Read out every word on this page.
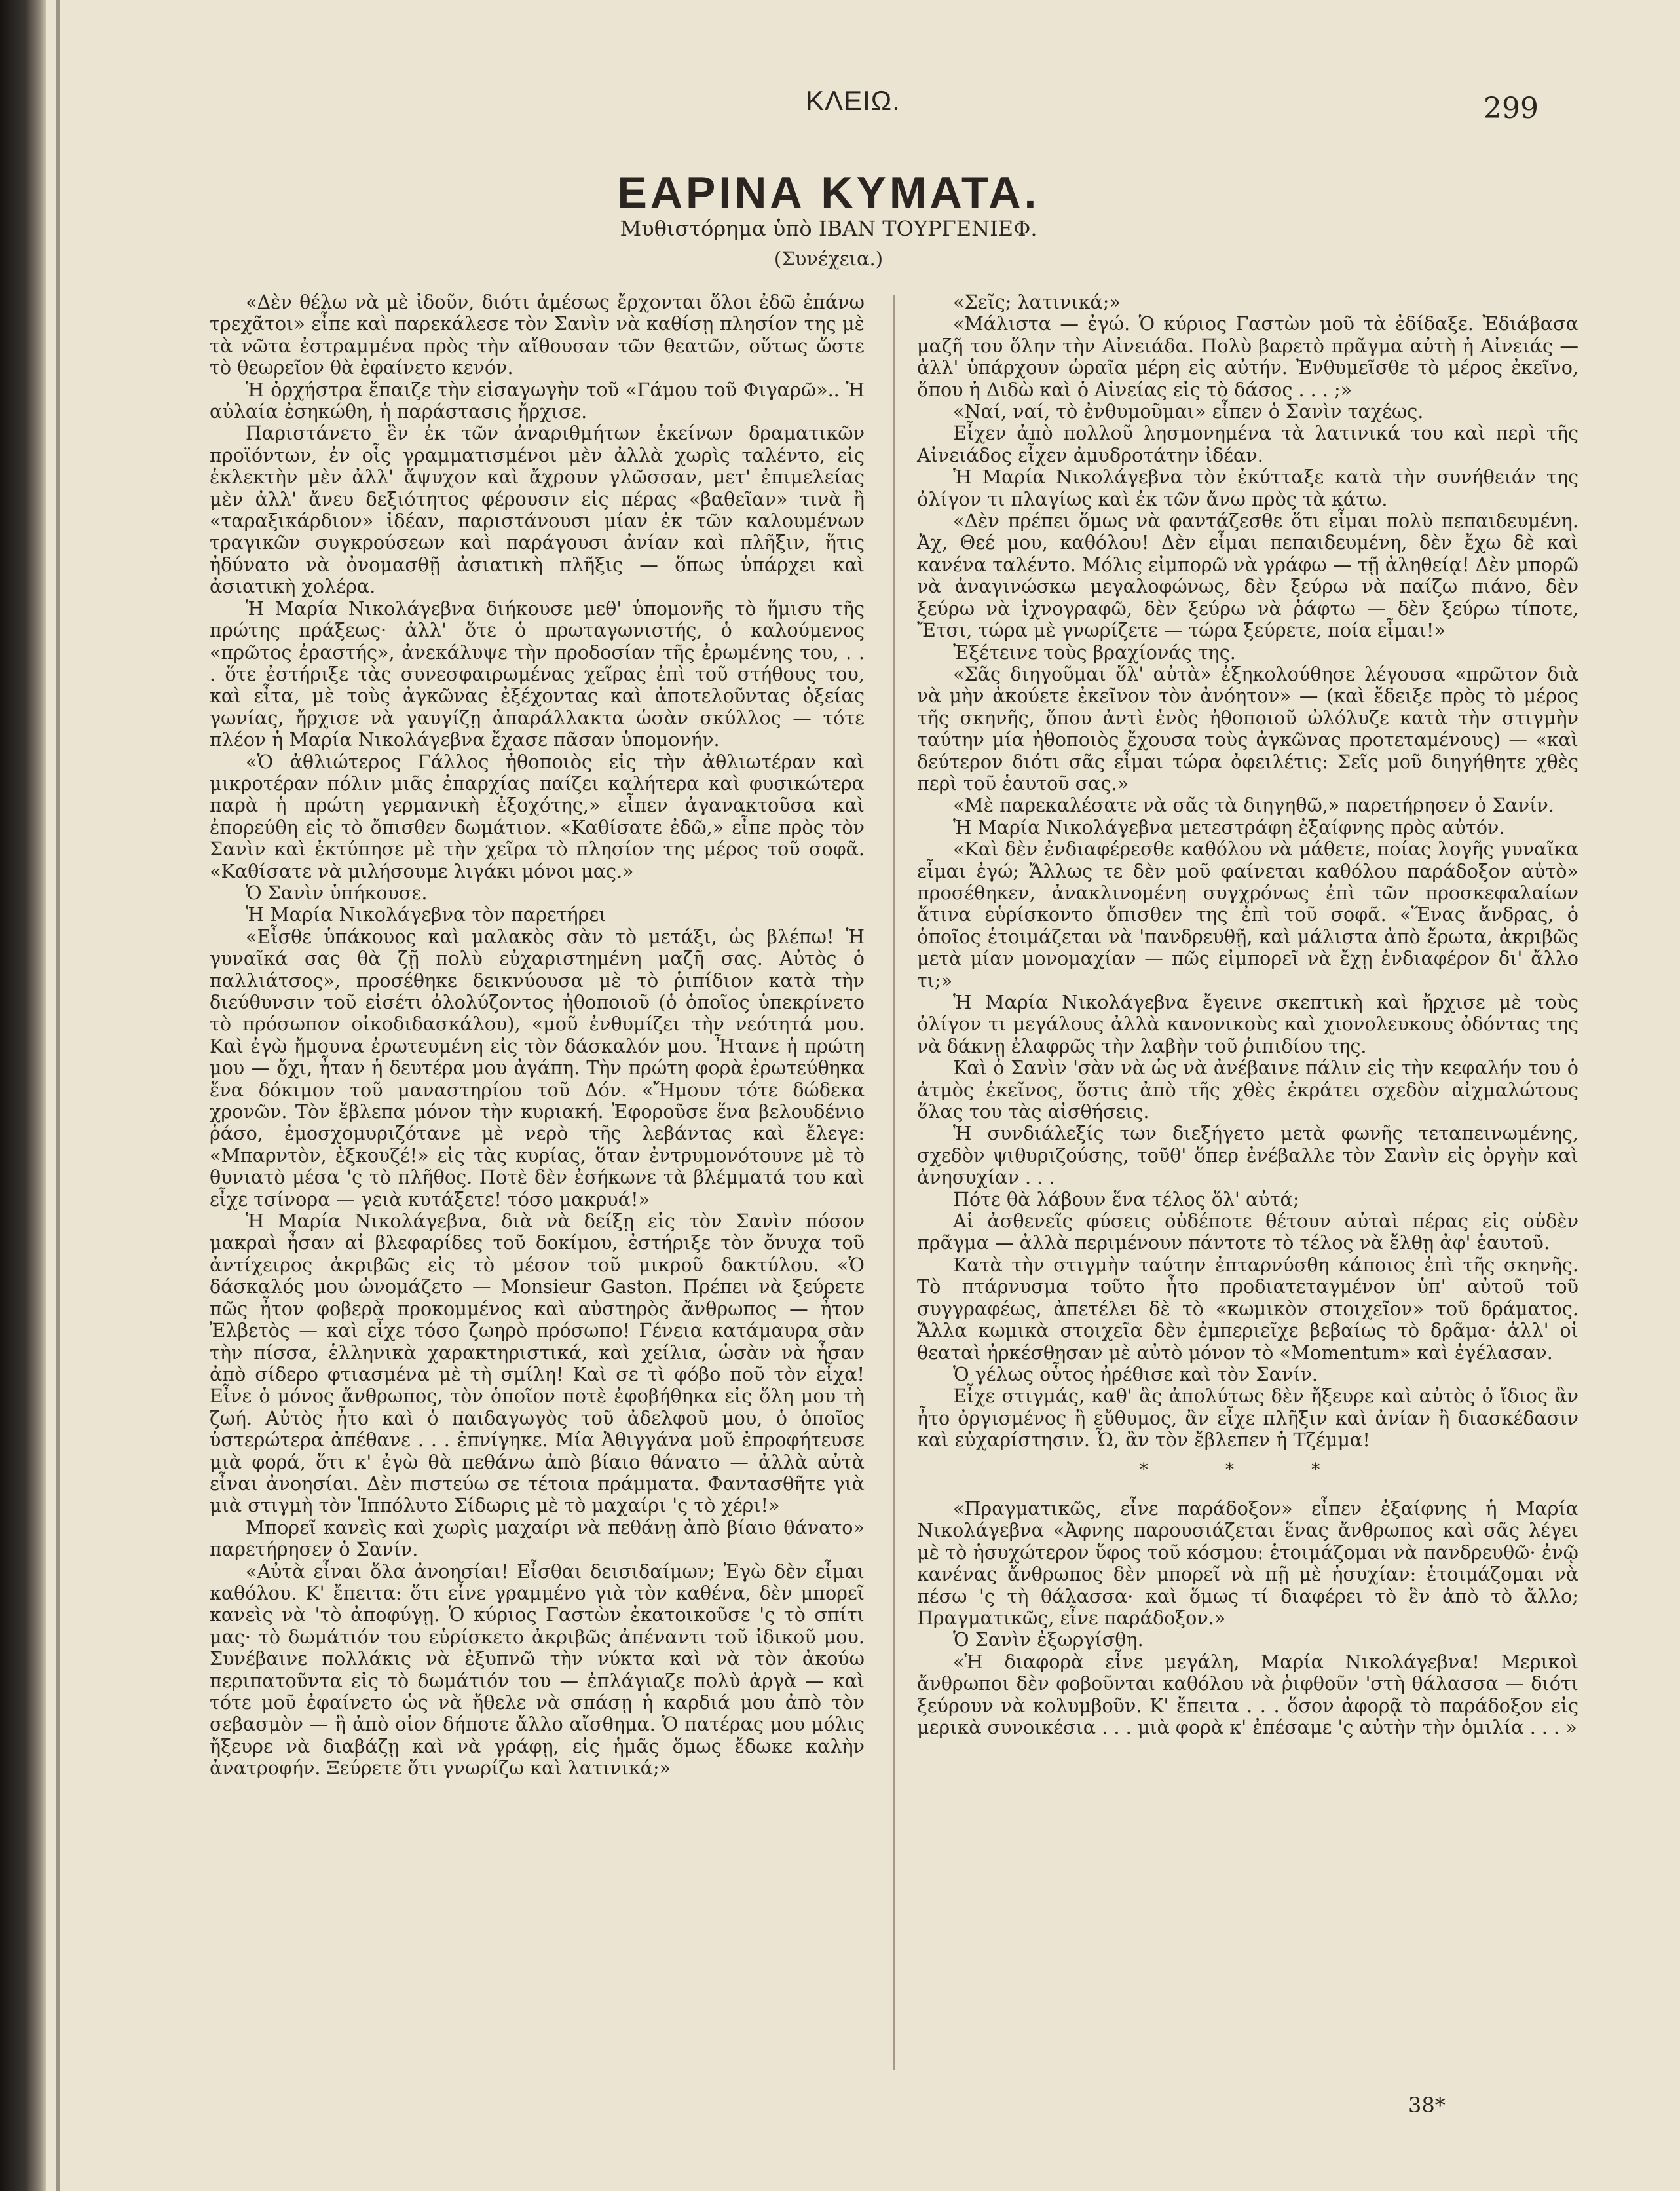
ΚΛΕΙΩ.	299
ΕΑΡΙΝΑ ΚΥΜΑΤΑ.
Μυθιστόρημα ὑπὸ ΙΒΑΝ ΤΟΥΡΓΕΝΙΕΦ.
(Συνέχεια.)

«Δὲν θέλω νὰ μὲ ἰδοῦν, διότι ἀμέσως ἔρχονται ὅλοι ἐδῶ ἐπάνω τρεχᾶτοι» εἶπε καὶ παρεκάλεσε τὸν Σανὶν νὰ καθίσῃ πλησίον της μὲ τὰ νῶτα ἐστραμμένα πρὸς τὴν αἴθουσαν τῶν θεατῶν, οὕτως ὥστε τὸ θεωρεῖον θὰ ἐφαίνετο κενόν.

Ἡ ὀρχήστρα ἔπαιζε τὴν εἰσαγωγὴν τοῦ «Γάμου τοῦ Φιγαρῶ».. Ἡ αὐλαία ἐσηκώθη, ἡ παράστασις ἤρχισε.

Παριστάνετο ἓν ἐκ τῶν ἀναριθμήτων ἐκείνων δραματικῶν προϊόντων, ἐν οἷς γραμματισμένοι μὲν ἀλλὰ χωρὶς ταλέντο, εἰς ἐκλεκτὴν μὲν ἀλλ' ἄψυχον καὶ ἄχρουν γλῶσσαν, μετ' ἐπιμελείας μὲν ἀλλ' ἄνευ δεξιότητος φέρουσιν εἰς πέρας «βαθεῖαν» τινὰ ἢ «ταραξικάρδιον» ἰδέαν, παριστάνουσι μίαν ἐκ τῶν καλουμένων τραγικῶν συγκρούσεων καὶ παράγουσι ἀνίαν καὶ πλῆξιν, ἥτις ἠδύνατο νὰ ὀνομασθῇ ἀσιατικὴ πλῆξις — ὅπως ὑπάρχει καὶ ἀσιατικὴ χολέρα.

Ἡ Μαρία Νικολάγεβνα διήκουσε μεθ' ὑπομονῆς τὸ ἥμισυ τῆς πρώτης πράξεως· ἀλλ' ὅτε ὁ πρωταγωνιστής, ὁ καλούμενος «πρῶτος ἐραστής», ἀνεκάλυψε τὴν προδοσίαν τῆς ἐρωμένης του, . . . ὅτε ἐστήριξε τὰς συνεσφαιρωμένας χεῖρας ἐπὶ τοῦ στήθους του, καὶ εἶτα, μὲ τοὺς ἀγκῶνας ἐξέχοντας καὶ ἀποτελοῦντας ὀξείας γωνίας, ἤρχισε νὰ γαυγίζῃ ἀπαράλλακτα ὡσὰν σκύλλος — τότε πλέον ἡ Μαρία Νικολάγεβνα ἔχασε πᾶσαν ὑπομονήν.

«Ὁ ἀθλιώτερος Γάλλος ἠθοποιὸς εἰς τὴν ἀθλιωτέραν καὶ μικροτέραν πόλιν μιᾶς ἐπαρχίας παίζει καλήτερα καὶ φυσικώτερα παρὰ ἡ πρώτη γερμανικὴ ἐξοχότης,» εἶπεν ἀγανακτοῦσα καὶ ἐπορεύθη εἰς τὸ ὄπισθεν δωμάτιον. «Καθίσατε ἐδῶ,» εἶπε πρὸς τὸν Σανὶν καὶ ἐκτύπησε μὲ τὴν χεῖρα τὸ πλησίον της μέρος τοῦ σοφᾶ. «Καθίσατε νὰ μιλήσουμε λιγάκι μόνοι μας.»

Ὁ Σανὶν ὑπήκουσε.

Ἡ Μαρία Νικολάγεβνα τὸν παρετήρει

«Εἶσθε ὑπάκουος καὶ μαλακὸς σὰν τὸ μετάξι, ὡς βλέπω! Ἡ γυναῖκά σας θὰ ζῇ πολὺ εὐχαριστημένη μαζῆ σας. Αὐτὸς ὁ παλλιάτσος», προσέθηκε δεικνύουσα μὲ τὸ ῥιπίδιον κατὰ τὴν διεύθυνσιν τοῦ εἰσέτι ὀλολύζοντος ἠθοποιοῦ (ὁ ὁποῖος ὑπεκρίνετο τὸ πρόσωπον οἰκοδιδασκάλου), «μοῦ ἐνθυμίζει τὴν νεότητά μου. Καὶ ἐγὼ ἤμουνα ἐρωτευμένη εἰς τὸν δάσκαλόν μου. Ἦτανε ἡ πρώτη μου — ὄχι, ἦταν ἡ δευτέρα μου ἀγάπη. Τὴν πρώτη φορὰ ἐρωτεύθηκα ἕνα δόκιμον τοῦ μαναστηρίου τοῦ Δόν. «Ἤμουν τότε δώδεκα χρονῶν. Τὸν ἔβλεπα μόνον τὴν κυριακή. Ἐφοροῦσε ἕνα βελουδένιο ῥάσο, ἐμοσχομυριζότανε μὲ νερὸ τῆς λεβάντας καὶ ἔλεγε: «Μπαρντὸν, ἐξκουζέ!» εἰς τὰς κυρίας, ὅταν ἐντρυμονότουνε μὲ τὸ θυνιατὸ μέσα 'ς τὸ πλῆθος. Ποτὲ δὲν ἐσήκωνε τὰ βλέμματά του καὶ εἶχε τσίνορα — γειὰ κυτάξετε! τόσο μακρυά!»

Ἡ Μαρία Νικολάγεβνα, διὰ νὰ δείξῃ εἰς τὸν Σανὶν πόσον μακραὶ ἦσαν αἱ βλεφαρίδες τοῦ δοκίμου, ἐστήριξε τὸν ὄνυχα τοῦ ἀντίχειρος ἀκριβῶς εἰς τὸ μέσον τοῦ μικροῦ δακτύλου. «Ὁ δάσκαλός μου ὠνομάζετο — Monsieur Gaston. Πρέπει νὰ ξεύρετε πῶς ἦτον φοβερὰ προκομμένος καὶ αὐστηρὸς ἄνθρωπος — ἦτον Ἐλβετὸς — καὶ εἶχε τόσο ζωηρὸ πρόσωπο! Γένεια κατάμαυρα σὰν τὴν πίσσα, ἑλληνικὰ χαρακτηριστικά, καὶ χείλια, ὡσὰν νὰ ἦσαν ἀπὸ σίδερο φτιασμένα μὲ τὴ σμίλη! Καὶ σε τὶ φόβο ποῦ τὸν εἶχα! Εἶνε ὁ μόνος ἄνθρωπος, τὸν ὁποῖον ποτὲ ἐφοβήθηκα εἰς ὅλη μου τὴ ζωή. Αὐτὸς ἦτο καὶ ὁ παιδαγωγὸς τοῦ ἀδελφοῦ μου, ὁ ὁποῖος ὑστερώτερα ἀπέθανε . . . ἐπνίγηκε. Μία Ἀθιγγάνα μοῦ ἐπροφήτευσε μιὰ φορά, ὅτι κ' ἐγὼ θὰ πεθάνω ἀπὸ βίαιο θάνατο — ἀλλὰ αὐτὰ εἶναι ἀνοησίαι. Δὲν πιστεύω σε τέτοια πράμματα. Φαντασθῆτε γιὰ μιὰ στιγμὴ τὸν Ἱππόλυτο Σίδωρις μὲ τὸ μαχαίρι 'ς τὸ χέρι!»

Μπορεῖ κανεὶς καὶ χωρὶς μαχαίρι νὰ πεθάνῃ ἀπὸ βίαιο θάνατο» παρετήρησεν ὁ Σανίν.

«Αὐτὰ εἶναι ὅλα ἀνοησίαι! Εἶσθαι δεισιδαίμων; Ἐγὼ δὲν εἶμαι καθόλου. Κ' ἔπειτα: ὅτι εἶνε γραμμένο γιὰ τὸν καθένα, δὲν μπορεῖ κανεὶς νὰ 'τὸ ἀποφύγῃ. Ὁ κύριος Γαστὼν ἐκατοικοῦσε 'ς τὸ σπίτι μας· τὸ δωμάτιόν του εὑρίσκετο ἀκριβῶς ἀπέναντι τοῦ ἰδικοῦ μου. Συνέβαινε πολλάκις νὰ ἐξυπνῶ τὴν νύκτα καὶ νὰ τὸν ἀκούω περιπατοῦντα εἰς τὸ δωμάτιόν του — ἐπλάγιαζε πολὺ ἀργὰ — καὶ τότε μοῦ ἐφαίνετο ὡς νὰ ἤθελε νὰ σπάσῃ ἡ καρδιά μου ἀπὸ τὸν σεβασμὸν — ἢ ἀπὸ οἱον δήποτε ἄλλο αἴσθημα. Ὁ πατέρας μου μόλις ἤξευρε νὰ διαβάζῃ καὶ νὰ γράφῃ, εἰς ἡμᾶς ὅμως ἔδωκε καλὴν ἀνατροφήν. Ξεύρετε ὅτι γνωρίζω καὶ λατινικά;»

«Σεῖς; λατινικά;»

«Μάλιστα — ἐγώ. Ὁ κύριος Γαστὼν μοῦ τὰ ἐδίδαξε. Ἐδιάβασα μαζῆ του ὅλην τὴν Αἰνειάδα. Πολὺ βαρετὸ πρᾶγμα αὐτὴ ἡ Αἰνειάς — ἀλλ' ὑπάρχουν ὡραῖα μέρη εἰς αὐτήν. Ἐνθυμεῖσθε τὸ μέρος ἐκεῖνο, ὅπου ἡ Διδὼ καὶ ὁ Αἰνείας εἰς τὸ δάσος . . . ;»

«Ναί, ναί, τὸ ἐνθυμοῦμαι» εἶπεν ὁ Σανὶν ταχέως.

Εἶχεν ἀπὸ πολλοῦ λησμονημένα τὰ λατινικά του καὶ περὶ τῆς Αἰνειάδος εἶχεν ἀμυδροτάτην ἰδέαν.

Ἡ Μαρία Νικολάγεβνα τὸν ἐκύτταξε κατὰ τὴν συνήθειάν της ὀλίγον τι πλαγίως καὶ ἐκ τῶν ἄνω πρὸς τὰ κάτω.

«Δὲν πρέπει ὅμως νὰ φαντάζεσθε ὅτι εἶμαι πολὺ πεπαιδευμένη. Ἀχ, Θεέ μου, καθόλου! Δὲν εἶμαι πεπαιδευμένη, δὲν ἔχω δὲ καὶ κανένα ταλέντο. Μόλις εἰμπορῶ νὰ γράφω — τῇ ἀληθείᾳ! Δὲν μπορῶ νὰ ἀναγινώσκω μεγαλοφώνως, δὲν ξεύρω νὰ παίζω πιάνο, δὲν ξεύρω νὰ ἰχνογραφῶ, δὲν ξεύρω νὰ ῥάφτω — δὲν ξεύρω τίποτε, Ἔτσι, τώρα μὲ γνωρίζετε — τώρα ξεύρετε, ποία εἶμαι!»

Ἐξέτεινε τοὺς βραχίονάς της.

«Σᾶς διηγοῦμαι ὅλ' αὐτὰ» ἐξηκολούθησε λέγουσα «πρῶτον διὰ νὰ μὴν ἀκούετε ἐκεῖνον τὸν ἀνόητον» — (καὶ ἔδειξε πρὸς τὸ μέρος τῆς σκηνῆς, ὅπου ἀντὶ ἑνὸς ἠθοποιοῦ ὠλόλυζε κατὰ τὴν στιγμὴν ταύτην μία ἠθοποιὸς ἔχουσα τοὺς ἀγκῶνας προτεταμένους) — «καὶ δεύτερον διότι σᾶς εἶμαι τώρα ὀφειλέτις: Σεῖς μοῦ διηγήθητε χθὲς περὶ τοῦ ἑαυτοῦ σας.»

«Μὲ παρεκαλέσατε νὰ σᾶς τὰ διηγηθῶ,» παρετήρησεν ὁ Σανίν.

Ἡ Μαρία Νικολάγεβνα μετεστράφη ἐξαίφνης πρὸς αὐτόν.

«Καὶ δὲν ἐνδιαφέρεσθε καθόλου νὰ μάθετε, ποίας λογῆς γυναῖκα εἶμαι ἐγώ; Ἄλλως τε δὲν μοῦ φαίνεται καθόλου παράδοξον αὐτὸ» προσέθηκεν, ἀνακλινομένη συγχρόνως ἐπὶ τῶν προσκεφαλαίων ἅτινα εὑρίσκοντο ὄπισθεν της ἐπὶ τοῦ σοφᾶ. «Ἕνας ἄνδρας, ὁ ὁποῖος ἑτοιμάζεται νὰ 'πανδρευθῇ, καὶ μάλιστα ἀπὸ ἔρωτα, ἀκριβῶς μετὰ μίαν μονομαχίαν — πῶς εἰμπορεῖ νὰ ἔχῃ ἐνδιαφέρον δι' ἄλλο τι;»

Ἡ Μαρία Νικολάγεβνα ἔγεινε σκεπτικὴ καὶ ἤρχισε μὲ τοὺς ὀλίγον τι μεγάλους ἀλλὰ κανονικοὺς καὶ χιονολευκους ὀδόντας της νὰ δάκνῃ ἐλαφρῶς τὴν λαβὴν τοῦ ῥιπιδίου της.

Καὶ ὁ Σανὶν 'σὰν νὰ ὡς νὰ ἀνέβαινε πάλιν εἰς τὴν κεφαλήν του ὁ ἀτμὸς ἐκεῖνος, ὅστις ἀπὸ τῆς χθὲς ἐκράτει σχεδὸν αἰχμαλώτους ὅλας του τὰς αἰσθήσεις.

Ἡ συνδιάλεξίς των διεξήγετο μετὰ φωνῆς τεταπεινωμένης, σχεδὸν ψιθυριζούσης, τοῦθ' ὅπερ ἐνέβαλλε τὸν Σανὶν εἰς ὀργὴν καὶ ἀνησυχίαν . . .

Πότε θὰ λάβουν ἕνα τέλος ὅλ' αὐτά;

Αἱ ἀσθενεῖς φύσεις οὐδέποτε θέτουν αὐταὶ πέρας εἰς οὐδὲν πρᾶγμα — ἀλλὰ περιμένουν πάντοτε τὸ τέλος νὰ ἔλθῃ ἀφ' ἑαυτοῦ.

Κατὰ τὴν στιγμὴν ταύτην ἐπταρνύσθη κάποιος ἐπὶ τῆς σκηνῆς. Τὸ πτάρνυσμα τοῦτο ἦτο προδιατεταγμένον ὑπ' αὐτοῦ τοῦ συγγραφέως, ἀπετέλει δὲ τὸ «κωμικὸν στοιχεῖον» τοῦ δράματος. Ἄλλα κωμικὰ στοιχεῖα δὲν ἐμπεριεῖχε βεβαίως τὸ δρᾶμα· ἀλλ' οἱ θεαταὶ ἠρκέσθησαν μὲ αὐτὸ μόνον τὸ «Momentum» καὶ ἐγέλασαν.

Ὁ γέλως οὗτος ἠρέθισε καὶ τὸν Σανίν.

Εἶχε στιγμάς, καθ' ἃς ἀπολύτως δὲν ἤξευρε καὶ αὐτὸς ὁ ἴδιος ἂν ἦτο ὀργισμένος ἢ εὔθυμος, ἂν εἶχε πλῆξιν καὶ ἀνίαν ἢ διασκέδασιν καὶ εὐχαρίστησιν. Ὦ, ἂν τὸν ἔβλεπεν ἡ Τζέμμα!

* * *

«Πραγματικῶς, εἶνε παράδοξον» εἶπεν ἐξαίφνης ἡ Μαρία Νικολάγεβνα «Ἀφνης παρουσιάζεται ἕνας ἄνθρωπος καὶ σᾶς λέγει μὲ τὸ ἡσυχώτερον ὕφος τοῦ κόσμου: ἑτοιμάζομαι νὰ πανδρευθῶ· ἐνῷ κανένας ἄνθρωπος δὲν μπορεῖ νὰ πῇ μὲ ἡσυχίαν: ἑτοιμάζομαι νὰ πέσω 'ς τὴ θάλασσα· καὶ ὅμως τί διαφέρει τὸ ἓν ἀπὸ τὸ ἄλλο; Πραγματικῶς, εἶνε παράδοξον.»

Ὁ Σανὶν ἐξωργίσθη.

«Ἡ διαφορὰ εἶνε μεγάλη, Μαρία Νικολάγεβνα! Μερικοὶ ἄνθρωποι δὲν φοβοῦνται καθόλου νὰ ῥιφθοῦν 'στὴ θάλασσα — διότι ξεύρουν νὰ κολυμβοῦν. Κ' ἔπειτα . . . ὅσον ἀφορᾷ τὸ παράδοξον εἰς μερικὰ συνοικέσια . . . μιὰ φορὰ κ' ἐπέσαμε 'ς αὐτὴν τὴν ὁμιλία . . . »

38*
